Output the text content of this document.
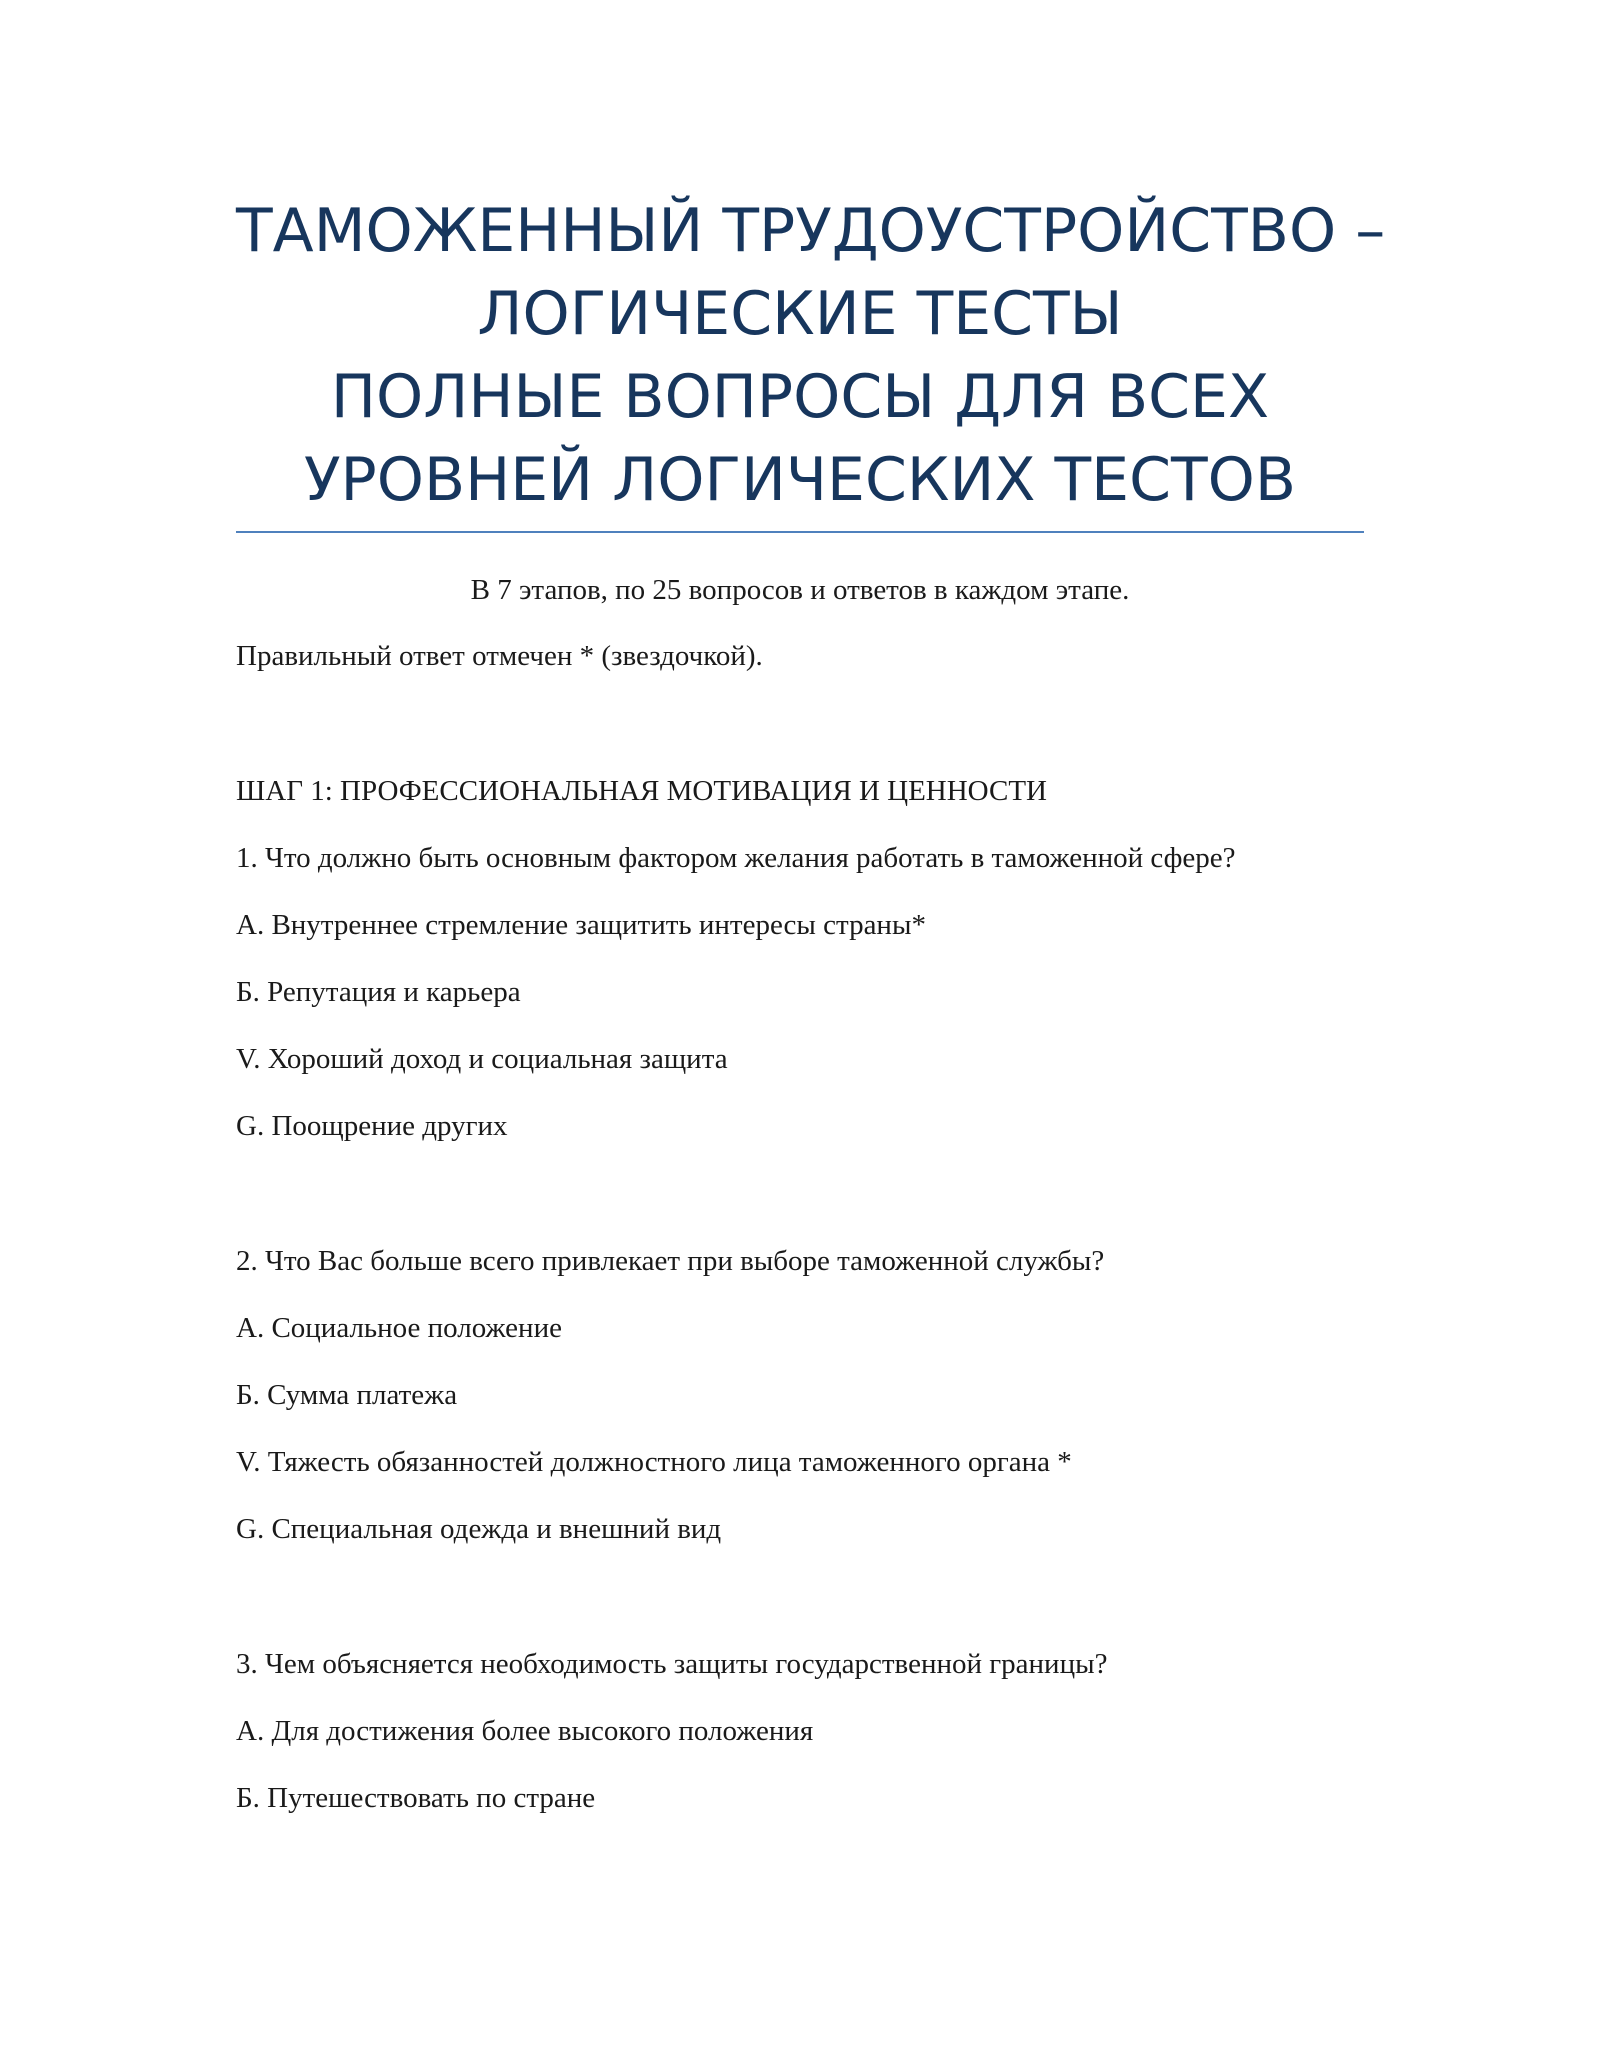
ТАМОЖЕННЫЙ ТРУДОУСТРОЙСТВО –
ЛОГИЧЕСКИЕ ТЕСТЫ
ПОЛНЫЕ ВОПРОСЫ ДЛЯ ВСЕХ
УРОВНЕЙ ЛОГИЧЕСКИХ ТЕСТОВ
В 7 этапов, по 25 вопросов и ответов в каждом этапе.
Правильный ответ отмечен * (звездочкой).
ШАГ 1: ПРОФЕССИОНАЛЬНАЯ МОТИВАЦИЯ И ЦЕННОСТИ
1. Что должно быть основным фактором желания работать в таможенной сфере?
А. Внутреннее стремление защитить интересы страны*
Б. Репутация и карьера
V. Хороший доход и социальная защита
G. Поощрение других
2. Что Вас больше всего привлекает при выборе таможенной службы?
А. Социальное положение
Б. Сумма платежа
V. Тяжесть обязанностей должностного лица таможенного органа *
G. Специальная одежда и внешний вид
3. Чем объясняется необходимость защиты государственной границы?
А. Для достижения более высокого положения
Б. Путешествовать по стране
